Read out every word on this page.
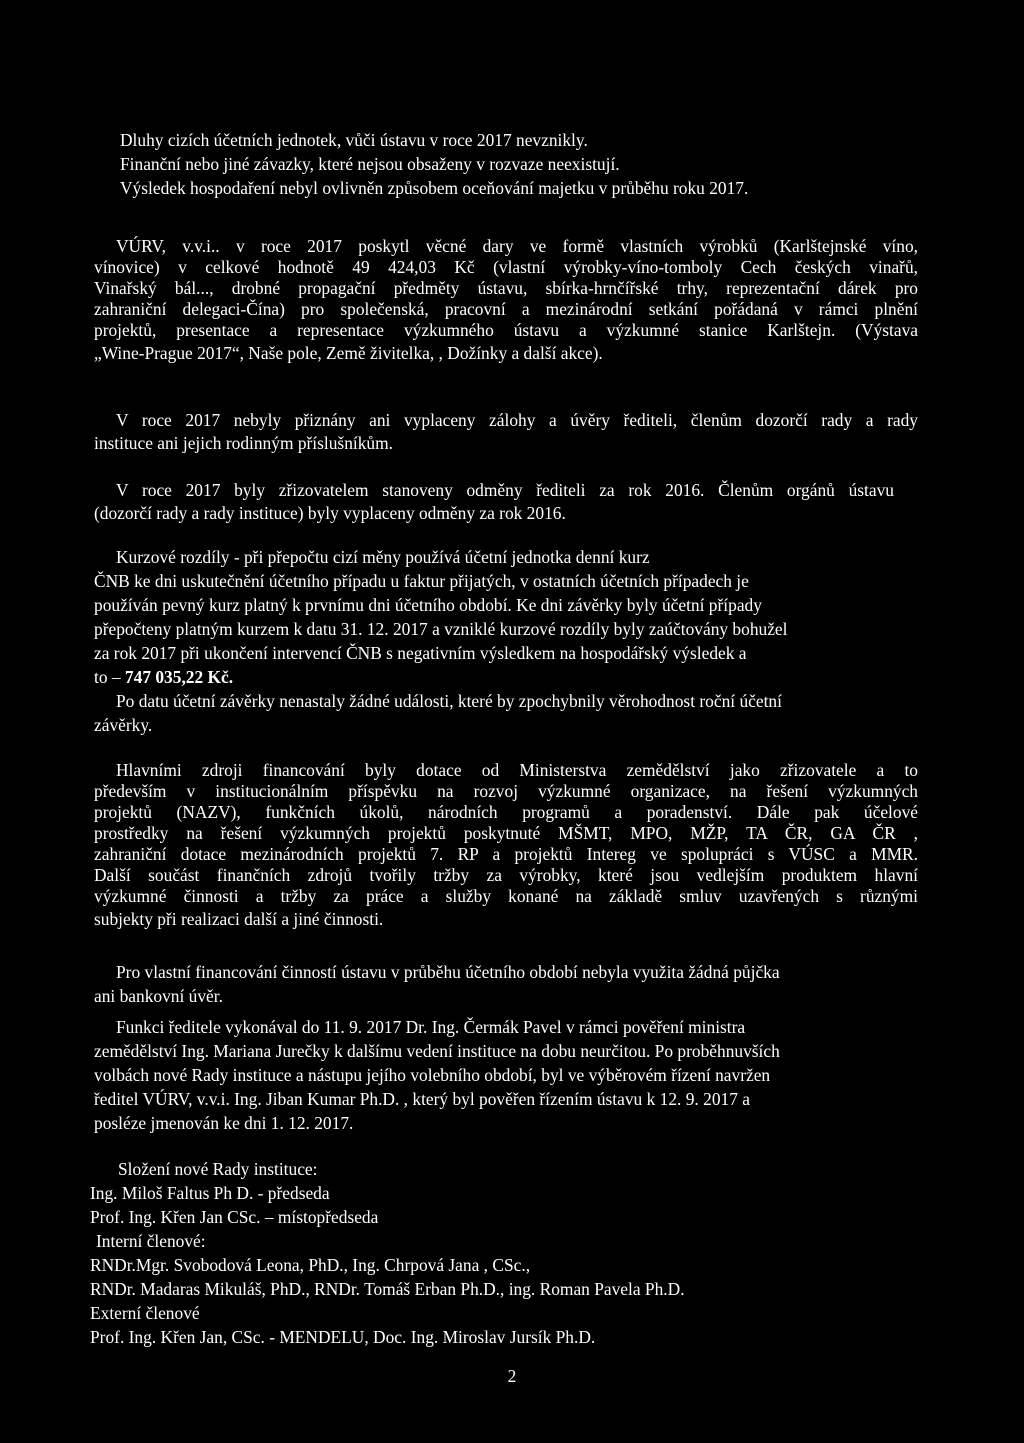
Dluhy cizích účetních jednotek, vůči ústavu v roce 2017 nevznikly.
Finanční nebo jiné závazky, které nejsou obsaženy v rozvaze neexistují.
Výsledek hospodaření nebyl ovlivněn způsobem oceňování majetku v průběhu roku 2017.
VÚRV, v.v.i.. v roce 2017 poskytl věcné dary ve formě vlastních výrobků (Karlštejnské víno,
vínovice) v celkové hodnotě 49 424,03 Kč (vlastní výrobky-víno-tomboly Cech českých vinařů,
Vinařský bál..., drobné propagační předměty ústavu, sbírka-hrnčířské trhy, reprezentační dárek pro
zahraniční delegaci-Čína) pro společenská, pracovní a mezinárodní setkání pořádaná v rámci plnění
projektů, presentace a representace výzkumného ústavu a výzkumné stanice Karlštejn. (Výstava
„Wine-Prague 2017“, Naše pole, Země živitelka, , Dožínky a další akce).
V roce 2017 nebyly přiznány ani vyplaceny zálohy a úvěry řediteli, členům dozorčí rady a rady
instituce ani jejich rodinným příslušníkům.
V roce 2017 byly zřizovatelem stanoveny odměny řediteli za rok 2016. Členům orgánů ústavu
(dozorčí rady a rady instituce) byly vyplaceny odměny za rok 2016.
Kurzové rozdíly - při přepočtu cizí měny používá účetní jednotka denní kurz
ČNB ke dni uskutečnění účetního případu u faktur přijatých, v ostatních účetních případech je
používán pevný kurz platný k prvnímu dni účetního období. Ke dni závěrky byly účetní případy
přepočteny platným kurzem k datu 31. 12. 2017 a vzniklé kurzové rozdíly byly zaúčtovány bohužel
za rok 2017 při ukončení intervencí ČNB s negativním výsledkem na hospodářský výsledek a
to – 747 035,22 Kč.
Po datu účetní závěrky nenastaly žádné události, které by zpochybnily věrohodnost roční účetní
závěrky.
Hlavními zdroji financování byly dotace od Ministerstva zemědělství jako zřizovatele a to
především v institucionálním příspěvku na rozvoj výzkumné organizace, na řešení výzkumných
projektů (NAZV), funkčních úkolů, národních programů a poradenství. Dále pak účelové
prostředky na řešení výzkumných projektů poskytnuté MŠMT, MPO, MŽP, TA ČR, GA ČR ,
zahraniční dotace mezinárodních projektů 7. RP a projektů Intereg ve spolupráci s VÚSC a MMR.
Další součást finančních zdrojů tvořily tržby za výrobky, které jsou vedlejším produktem hlavní
výzkumné činnosti a tržby za práce a služby konané na základě smluv uzavřených s různými
subjekty při realizaci další a jiné činnosti.
Pro vlastní financování činností ústavu v průběhu účetního období nebyla využita žádná půjčka
ani bankovní úvěr.
Funkci ředitele vykonával do 11. 9. 2017 Dr. Ing. Čermák Pavel v rámci pověření ministra
zemědělství Ing. Mariana Jurečky k dalšímu vedení instituce na dobu neurčitou. Po proběhnuvších
volbách nové Rady instituce a nástupu jejího volebního období, byl ve výběrovém řízení navržen
ředitel VÚRV, v.v.i. Ing. Jiban Kumar Ph.D. , který byl pověřen řízením ústavu k 12. 9. 2017 a
posléze jmenován ke dni 1. 12. 2017.
Složení nové Rady instituce:
Ing. Miloš Faltus Ph D. - předseda
Prof. Ing. Křen Jan CSc. – místopředseda
Interní členové:
RNDr.Mgr. Svobodová Leona, PhD., Ing. Chrpová Jana , CSc.,
RNDr. Madaras Mikuláš, PhD., RNDr. Tomáš Erban Ph.D., ing. Roman Pavela Ph.D.
Externí členové
Prof. Ing. Křen Jan, CSc. - MENDELU, Doc. Ing. Miroslav Jursík Ph.D.
2
